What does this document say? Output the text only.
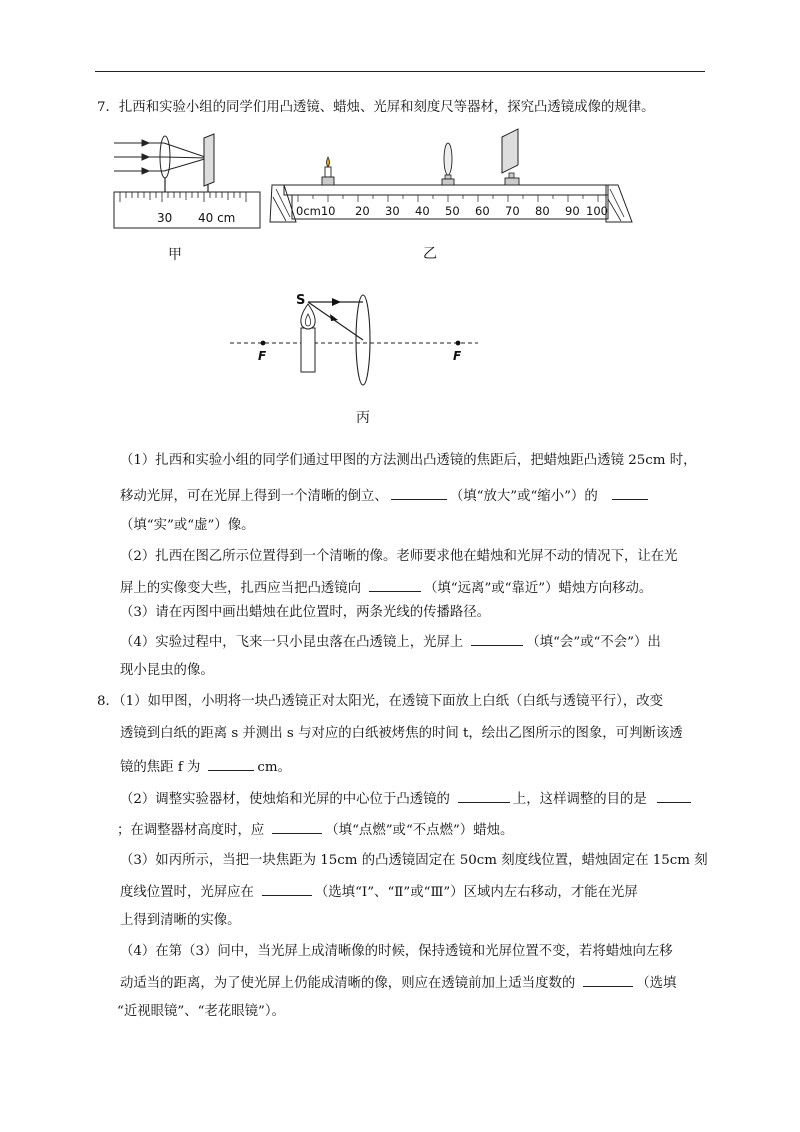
7．扎西和实验小组的同学们用凸透镜、蜡烛、光屏和刻度尺等器材，探究凸透镜成像的规律。
30 40 cm
甲
0cm10 20 30 40 50 60 70 80 90 100
乙
F	F
S
丙
（1）扎西和实验小组的同学们通过甲图的方法测出凸透镜的焦距后，把蜡烛距凸透镜 25cm 时，
移动光屏，可在光屏上得到一个清晰的倒立、	（填“放大”或“缩小”）的
（填“实”或“虚”）像。
（2）扎西在图乙所示位置得到一个清晰的像。老师要求他在蜡烛和光屏不动的情况下，让在光
屏上的实像变大些，扎西应当把凸透镜向	（填“远离”或“靠近”）蜡烛方向移动。
（3）请在丙图中画出蜡烛在此位置时，两条光线的传播路径。
（4）实验过程中，飞来一只小昆虫落在凸透镜上，光屏上	（填“会”或“不会”）出
现小昆虫的像。
8．（1）如甲图，小明将一块凸透镜正对太阳光，在透镜下面放上白纸（白纸与透镜平行），改变
透镜到白纸的距离 s 并测出 s 与对应的白纸被烤焦的时间 t，绘出乙图所示的图象，可判断该透
镜的焦距 f 为	cm。
（2）调整实验器材，使烛焰和光屏的中心位于凸透镜的	上，这样调整的目的是
；在调整器材高度时，应	（填“点燃”或“不点燃”）蜡烛。
（3）如丙所示，当把一块焦距为 15cm 的凸透镜固定在 50cm 刻度线位置，蜡烛固定在 15cm 刻
度线位置时，光屏应在	（选填“Ⅰ”、“Ⅱ”或“Ⅲ”）区域内左右移动，才能在光屏
上得到清晰的实像。
（4）在第（3）问中，当光屏上成清晰像的时候，保持透镜和光屏位置不变，若将蜡烛向左移
动适当的距离，为了使光屏上仍能成清晰的像，则应在透镜前加上适当度数的	（选填
“近视眼镜”、“老花眼镜”）。
